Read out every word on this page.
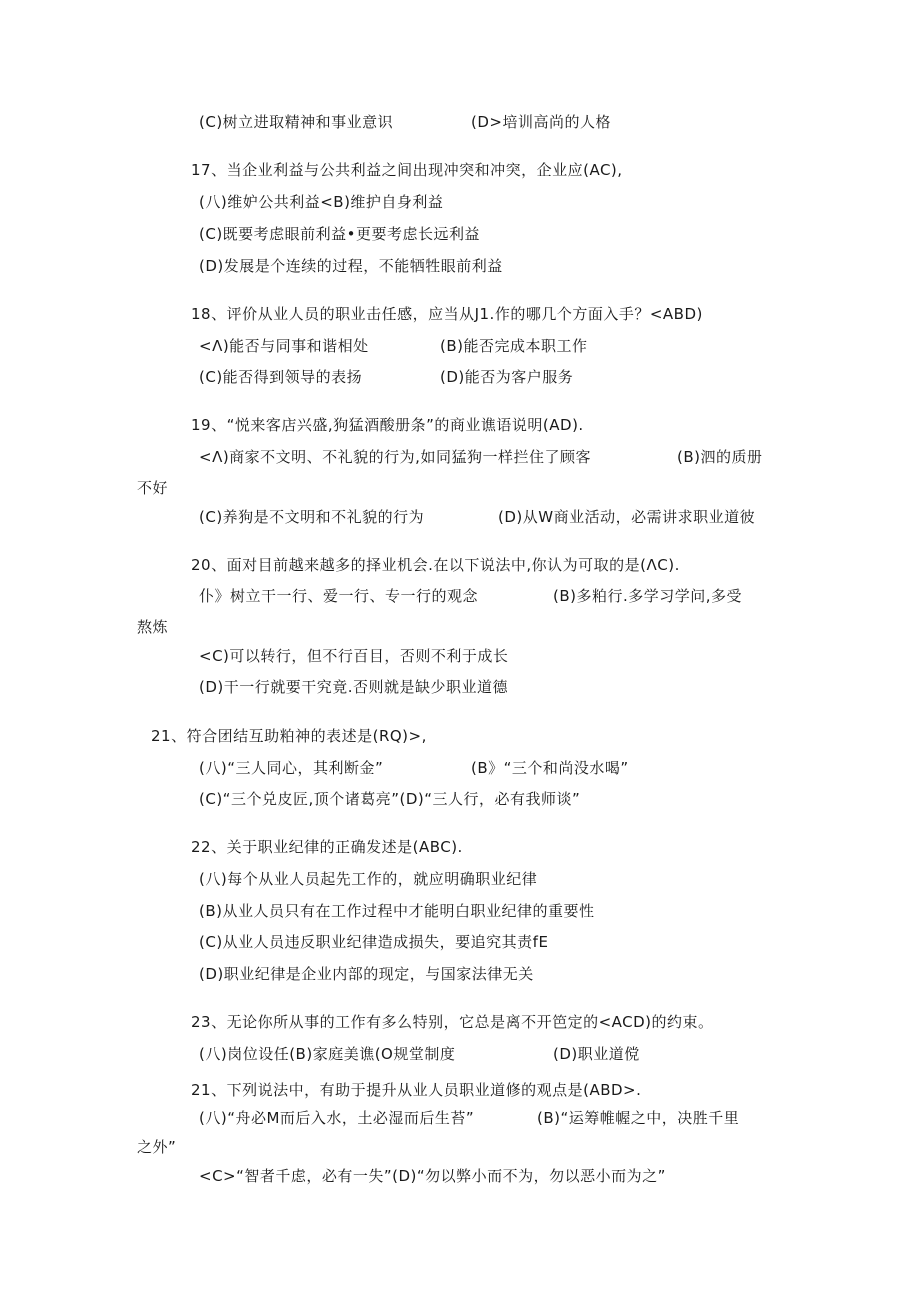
(C)树立进取精神和事业意识	(D>培训高尚的人格
17、当企业利益与公共利益之间出现冲突和冲突，企业应(AC),
(八)维妒公共利益<B)维护自身利益
(C)既要考虑眼前利益•更要考虑长远利益
(D)发展是个连续的过程，不能牺牲眼前利益
18、评价从业人员的职业击任感，应当从J1.作的哪几个方面入手？<ABD)
<Λ)能否与同事和谐相处	(B)能否完成本职工作
(C)能否得到领导的表扬	(D)能否为客户服务
19、“悦来客店兴盛,狗猛酒酸册条”的商业谯语说明(AD).
<Λ)商家不文明、不礼貌的行为,如同猛狗一样拦住了顾客	(B)泗的质册
不好
(C)养狗是不文明和不礼貌的行为	(D)从W商业活动，必需讲求职业道彼
20、面对目前越来越多的择业机会.在以下说法中,你认为可取的是(ΛC).
仆》树立干一行、爱一行、专一行的观念	(B)多粕行.多学习学问,多受
熬炼
<C)可以转行，但不行百目，否则不利于成长
(D)干一行就要干究竟.否则就是缺少职业道德
21、符合团结互助粕神的表述是(RQ)>,
(八)“三人同心，其利断金”	(B》“三个和尚没水喝”
(C)“三个兑皮匠,顶个诸葛亮”(D)“三人行，必有我师谈”
22、关于职业纪律的正确发述是(ABC).
(八)每个从业人员起先工作的，就应明确职业纪律
(B)从业人员只有在工作过程中才能明白职业纪律的重要性
(C)从业人员违反职业纪律造成损失，要追究其责fE
(D)职业纪律是企业内部的现定，与国家法律无关
23、无论你所从事的工作有多么特别，它总是离不开笆定的<ACD)的约束。
(八)岗位设任(B)家庭美谯(O规堂制度	(D)职业道傥
21、下列说法中，有助于提升从业人员职业道修的观点是(ABD>.
(八)“舟必M而后入水，土必湿而后生苔”	(B)“运筹帷幄之中，决胜千里
之外”
<C>“智者千虑，必有一失”(D)“勿以弊小而不为，勿以恶小而为之”
